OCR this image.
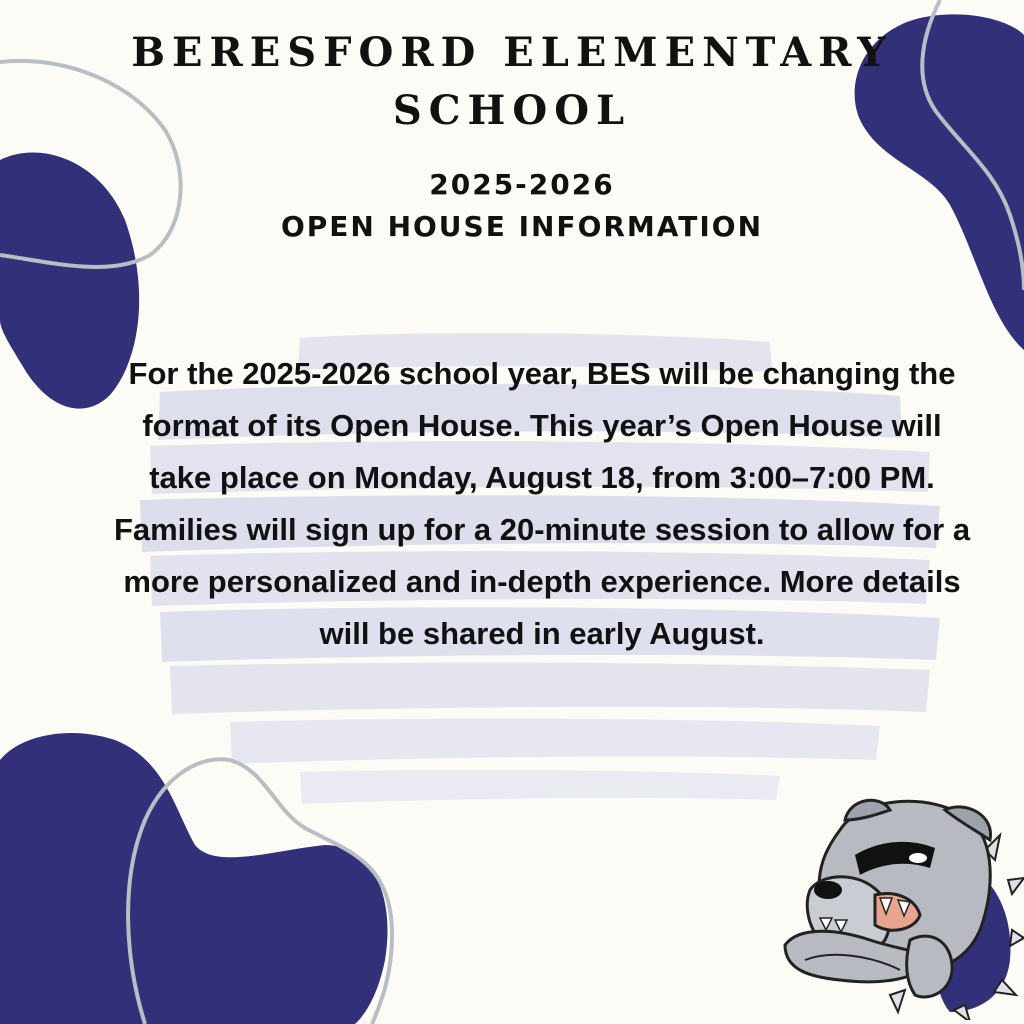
BERESFORD ELEMENTARY SCHOOL
2025-2026
OPEN HOUSE INFORMATION

For the 2025-2026 school year, BES will be changing the format of its Open House. This year’s Open House will take place on Monday, August 18, from 3:00–7:00 PM. Families will sign up for a 20-minute session to allow for a more personalized and in-depth experience. More details will be shared in early August.
